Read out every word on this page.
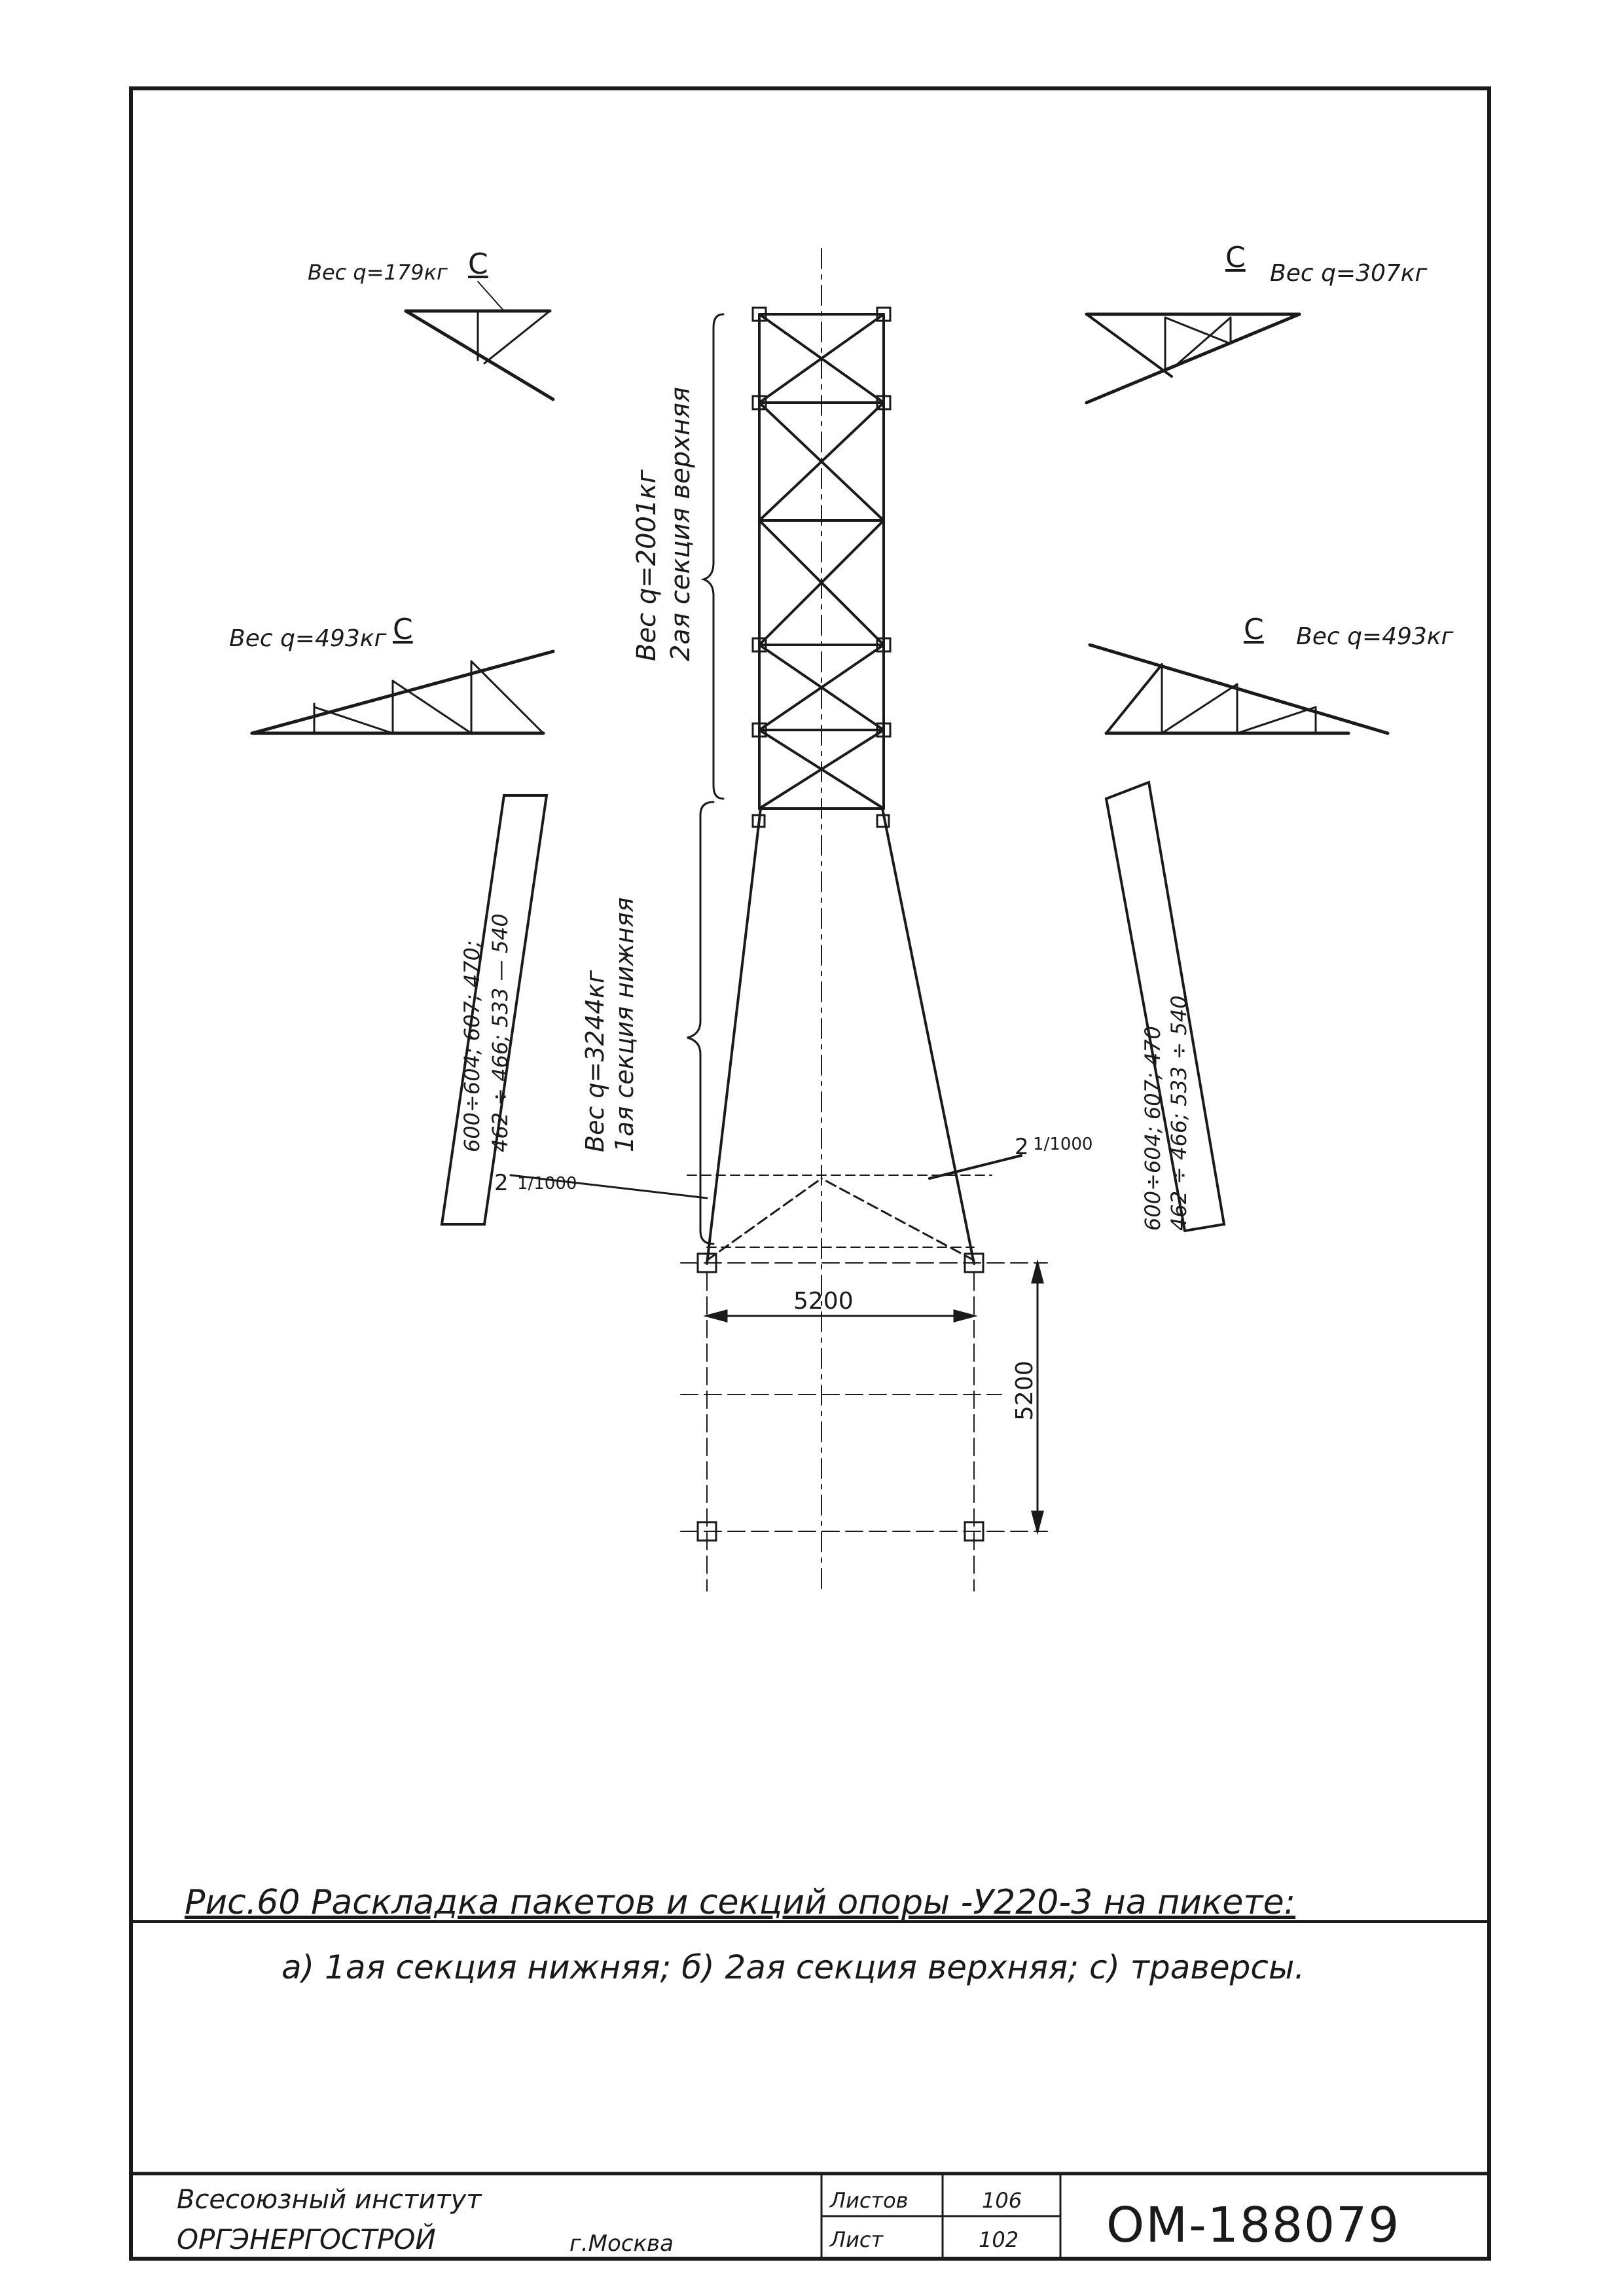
Рис.60 Раскладка пакетов и секций опоры -У220-3 на пикете:
а) 1ая секция нижняя; б) 2ая секция верхняя; с) траверсы.
Вес q=179кг	Вес q=307кг
Вес q=493кг	Вес q=493кг
С	С
С	С
Вес q=2001кг 2ая секция верхняя
Вес q=3244кг 1ая секция нижняя
600÷604; 607; 470; 462 ÷ 466; 533 — 540	600÷604; 607; 470 462 ÷ 466; 533 ÷ 540.
2 1/1000
2 1/1000
5200
5200
Всесоюзный институт
ОРГЭНЕРГОСТРОЙ	г.Москва
Листов	106
Лист	102 ОМ-188079
